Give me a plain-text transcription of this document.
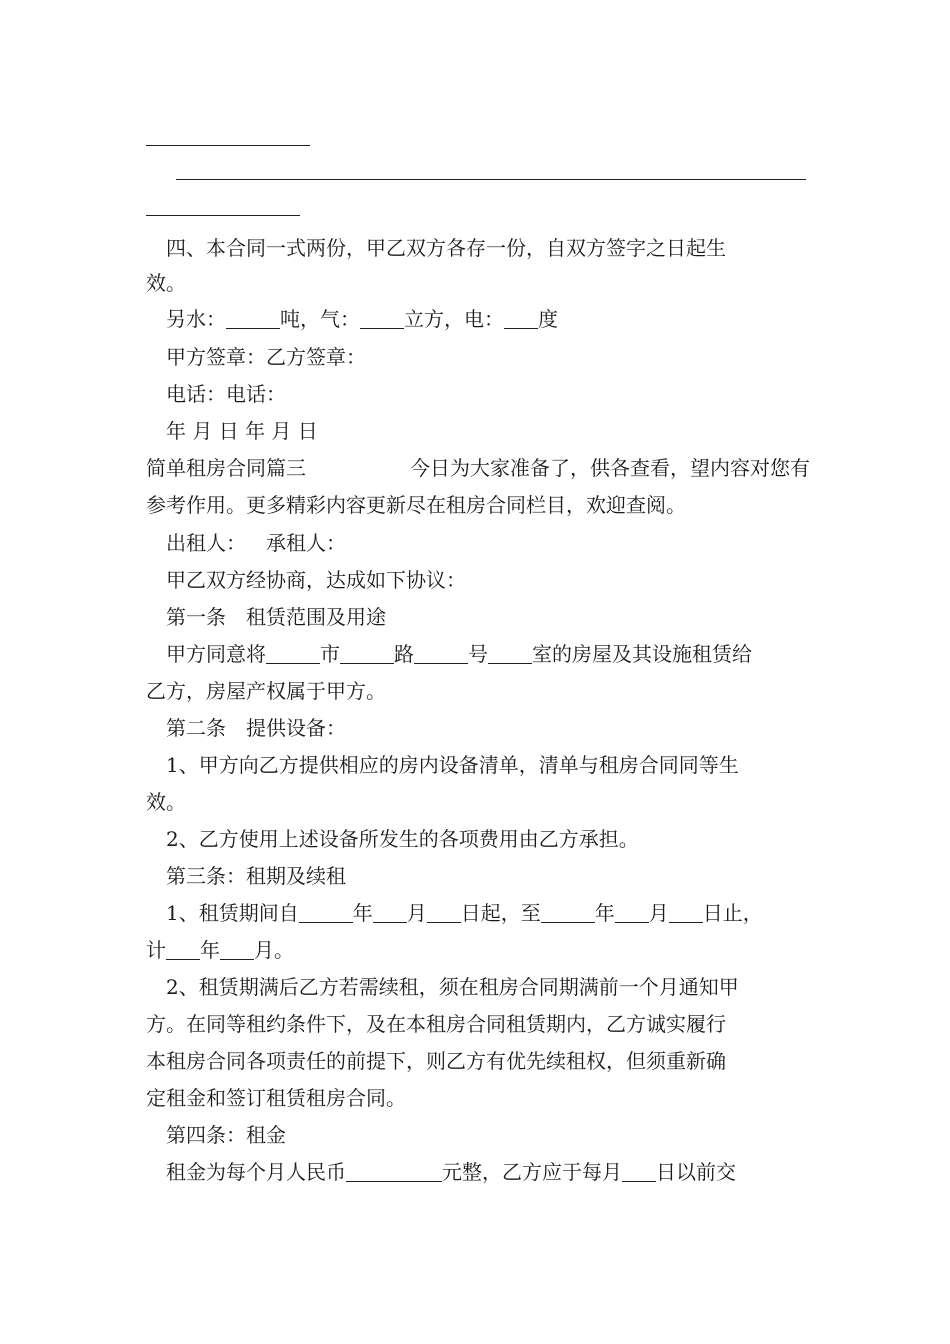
四、本合同一式两份，甲乙双方各存一份，自双方签字之日起生
效。
另水：	吨，气： 立方，电： 度
甲方签章：乙方签章：
电话：电话：
年 月 日 年 月 日
简单租房合同篇三	今日为大家准备了，供各查看，望内容对您有
参考作用。更多精彩内容更新尽在租房合同栏目，欢迎查阅。
出租人： 承租人：
甲乙双方经协商，达成如下协议：
第一条　租赁范围及用途
甲方同意将	市	路	号 室的房屋及其设施租赁给
乙方，房屋产权属于甲方。
第二条　提供设备：
1、甲方向乙方提供相应的房内设备清单，清单与租房合同同等生
效。
2、乙方使用上述设备所发生的各项费用由乙方承担。
第三条：租期及续租
1、租赁期间自	年 月 日起，至	年 月 日止，
计 年 月。
2、租赁期满后乙方若需续租，须在租房合同期满前一个月通知甲
方。在同等租约条件下，及在本租房合同租赁期内，乙方诚实履行
本租房合同各项责任的前提下，则乙方有优先续租权，但须重新确
定租金和签订租赁租房合同。
第四条：租金
租金为每个月人民币	元整，乙方应于每月 日以前交
